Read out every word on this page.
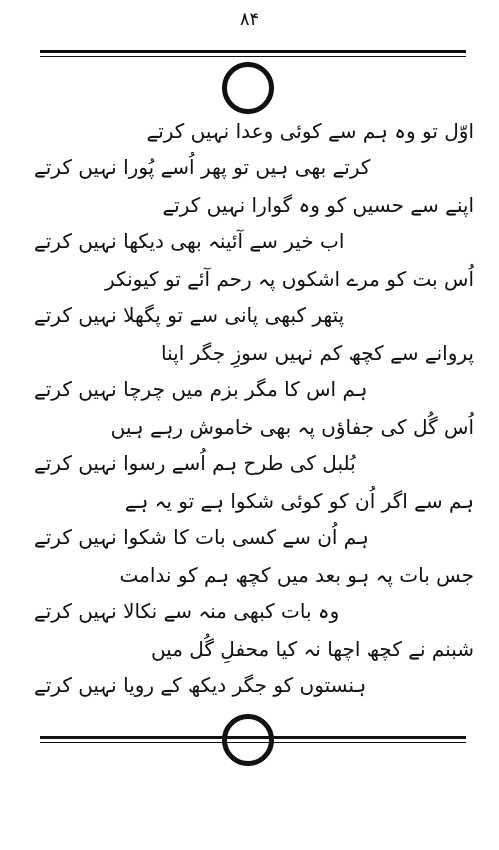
۸۴
اوّل تو وہ ہم سے کوئی وعدا نہیں کرتے
کرتے بھی ہیں تو پھر اُسے پُورا نہیں کرتے
اپنے سے حسیں کو وہ گوارا نہیں کرتے
اب خیر سے آئینہ بھی دیکھا نہیں کرتے
اُس بت کو مرے اشکوں پہ رحم آئے تو کیونکر
پتھر کبھی پانی سے تو پگھلا نہیں کرتے
پروانے سے کچھ کم نہیں سوزِ جگر اپنا
ہم اس کا مگر بزم میں چرچا نہیں کرتے
اُس گُل کی جفاؤں پہ بھی خاموش رہے ہیں
بُلبل کی طرح ہم اُسے رسوا نہیں کرتے
ہم سے اگر اُن کو کوئی شکوا ہے تو یہ ہے
ہم اُن سے کسی بات کا شکوا نہیں کرتے
جس بات پہ ہو بعد میں کچھ ہم کو ندامت
وہ بات کبھی منہ سے نکالا نہیں کرتے
شبنم نے کچھ اچھا نہ کیا محفلِ گُل میں
ہنستوں کو جگر دیکھ کے رویا نہیں کرتے
